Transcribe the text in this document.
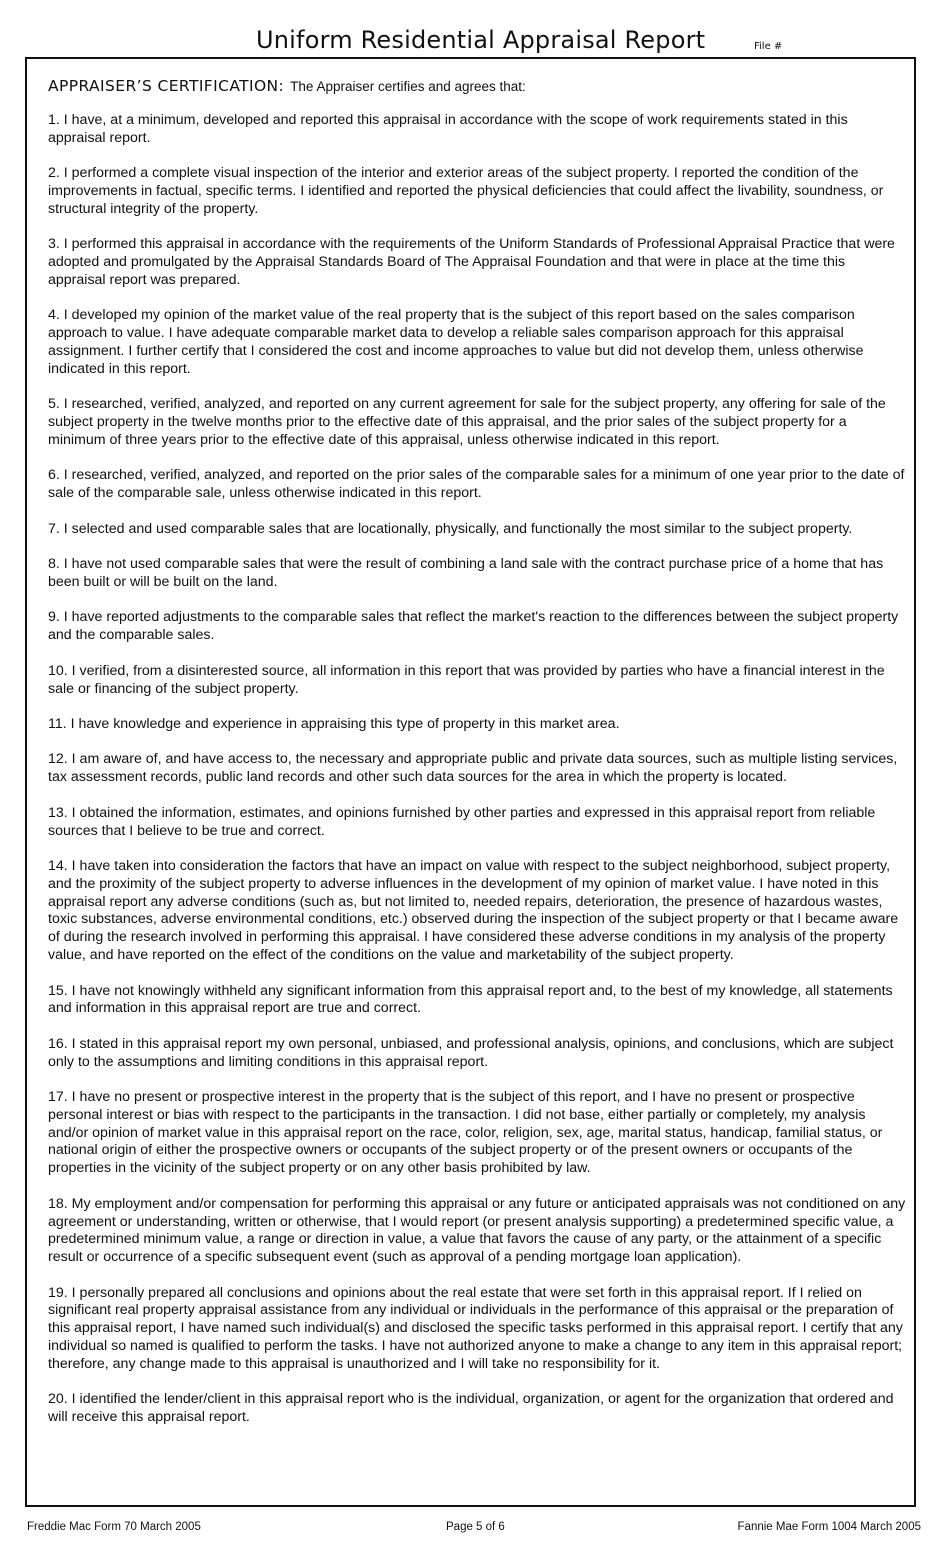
Uniform Residential Appraisal Report	File #
APPRAISER’S CERTIFICATION: The Appraiser certifies and agrees that:

1. I have, at a minimum, developed and reported this appraisal in accordance with the scope of work requirements stated in this appraisal report.

2. I performed a complete visual inspection of the interior and exterior areas of the subject property. I reported the condition of the improvements in factual, specific terms. I identified and reported the physical deficiencies that could affect the livability, soundness, or structural integrity of the property.

3. I performed this appraisal in accordance with the requirements of the Uniform Standards of Professional Appraisal Practice that were adopted and promulgated by the Appraisal Standards Board of The Appraisal Foundation and that were in place at the time this appraisal report was prepared.

4. I developed my opinion of the market value of the real property that is the subject of this report based on the sales comparison approach to value. I have adequate comparable market data to develop a reliable sales comparison approach for this appraisal assignment. I further certify that I considered the cost and income approaches to value but did not develop them, unless otherwise indicated in this report.

5. I researched, verified, analyzed, and reported on any current agreement for sale for the subject property, any offering for sale of the subject property in the twelve months prior to the effective date of this appraisal, and the prior sales of the subject property for a minimum of three years prior to the effective date of this appraisal, unless otherwise indicated in this report.

6. I researched, verified, analyzed, and reported on the prior sales of the comparable sales for a minimum of one year prior to the date of sale of the comparable sale, unless otherwise indicated in this report.

7. I selected and used comparable sales that are locationally, physically, and functionally the most similar to the subject property.

8. I have not used comparable sales that were the result of combining a land sale with the contract purchase price of a home that has been built or will be built on the land.

9. I have reported adjustments to the comparable sales that reflect the market's reaction to the differences between the subject property and the comparable sales.

10. I verified, from a disinterested source, all information in this report that was provided by parties who have a financial interest in the sale or financing of the subject property.

11. I have knowledge and experience in appraising this type of property in this market area.

12. I am aware of, and have access to, the necessary and appropriate public and private data sources, such as multiple listing services, tax assessment records, public land records and other such data sources for the area in which the property is located.

13. I obtained the information, estimates, and opinions furnished by other parties and expressed in this appraisal report from reliable sources that I believe to be true and correct.

14. I have taken into consideration the factors that have an impact on value with respect to the subject neighborhood, subject property, and the proximity of the subject property to adverse influences in the development of my opinion of market value. I have noted in this appraisal report any adverse conditions (such as, but not limited to, needed repairs, deterioration, the presence of hazardous wastes, toxic substances, adverse environmental conditions, etc.) observed during the inspection of the subject property or that I became aware of during the research involved in performing this appraisal. I have considered these adverse conditions in my analysis of the property value, and have reported on the effect of the conditions on the value and marketability of the subject property.

15. I have not knowingly withheld any significant information from this appraisal report and, to the best of my knowledge, all statements and information in this appraisal report are true and correct.

16. I stated in this appraisal report my own personal, unbiased, and professional analysis, opinions, and conclusions, which are subject only to the assumptions and limiting conditions in this appraisal report.

17. I have no present or prospective interest in the property that is the subject of this report, and I have no present or prospective personal interest or bias with respect to the participants in the transaction. I did not base, either partially or completely, my analysis and/or opinion of market value in this appraisal report on the race, color, religion, sex, age, marital status, handicap, familial status, or national origin of either the prospective owners or occupants of the subject property or of the present owners or occupants of the properties in the vicinity of the subject property or on any other basis prohibited by law.

18. My employment and/or compensation for performing this appraisal or any future or anticipated appraisals was not conditioned on any agreement or understanding, written or otherwise, that I would report (or present analysis supporting) a predetermined specific value, a predetermined minimum value, a range or direction in value, a value that favors the cause of any party, or the attainment of a specific result or occurrence of a specific subsequent event (such as approval of a pending mortgage loan application).

19. I personally prepared all conclusions and opinions about the real estate that were set forth in this appraisal report. If I relied on significant real property appraisal assistance from any individual or individuals in the performance of this appraisal or the preparation of this appraisal report, I have named such individual(s) and disclosed the specific tasks performed in this appraisal report. I certify that any individual so named is qualified to perform the tasks. I have not authorized anyone to make a change to any item in this appraisal report; therefore, any change made to this appraisal is unauthorized and I will take no responsibility for it.

20. I identified the lender/client in this appraisal report who is the individual, organization, or agent for the organization that ordered and will receive this appraisal report.

Freddie Mac Form 70 March 2005	Page 5 of 6	Fannie Mae Form 1004 March 2005
